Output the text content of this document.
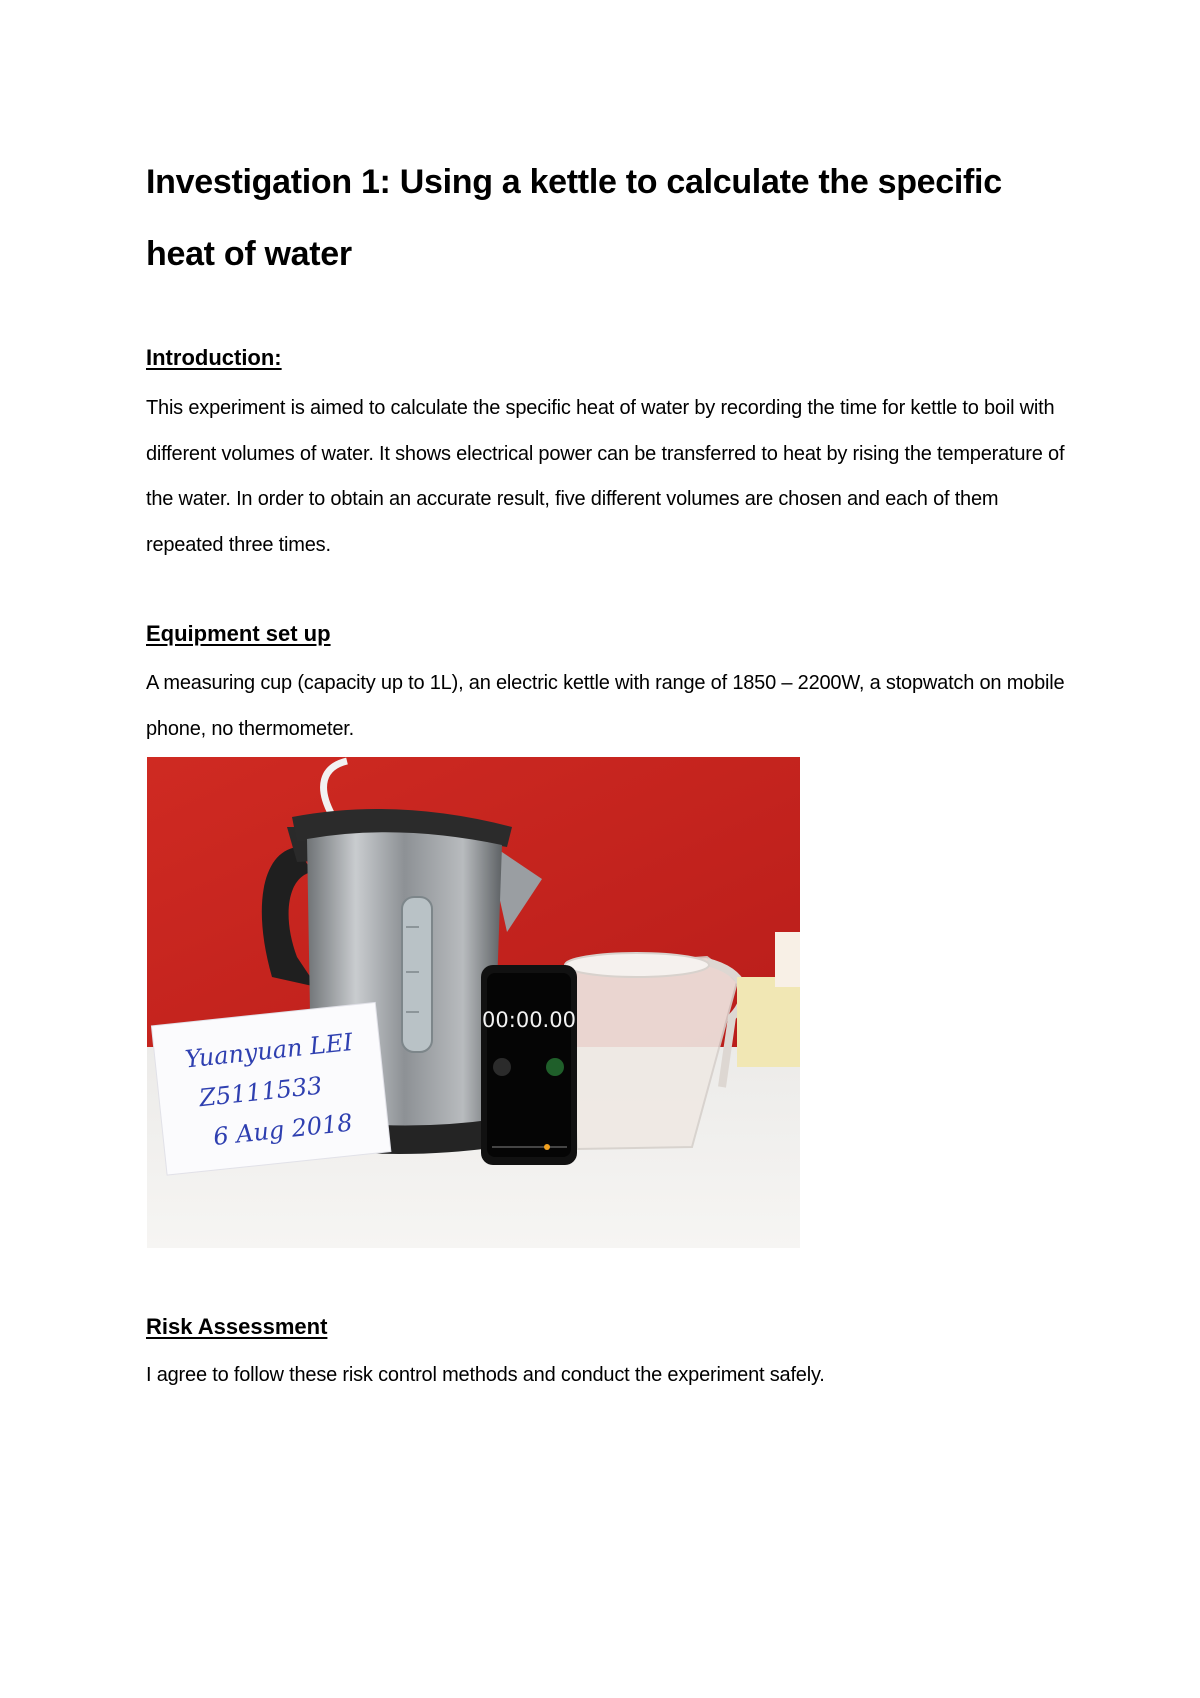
Investigation 1: Using a kettle to calculate the specific heat of water
Introduction:

This experiment is aimed to calculate the specific heat of water by recording the time for kettle to boil with different volumes of water. It shows electrical power can be transferred to heat by rising the temperature of the water. In order to obtain an accurate result, five different volumes are chosen and each of them repeated three times.

Equipment set up

A measuring cup (capacity up to 1L), an electric kettle with range of 1850 – 2200W, a stopwatch on mobile phone, no thermometer.

00:00.00
Yuanyuan LEI
Z5111533
6 Aug 2018
Risk Assessment

I agree to follow these risk control methods and conduct the experiment safely.
